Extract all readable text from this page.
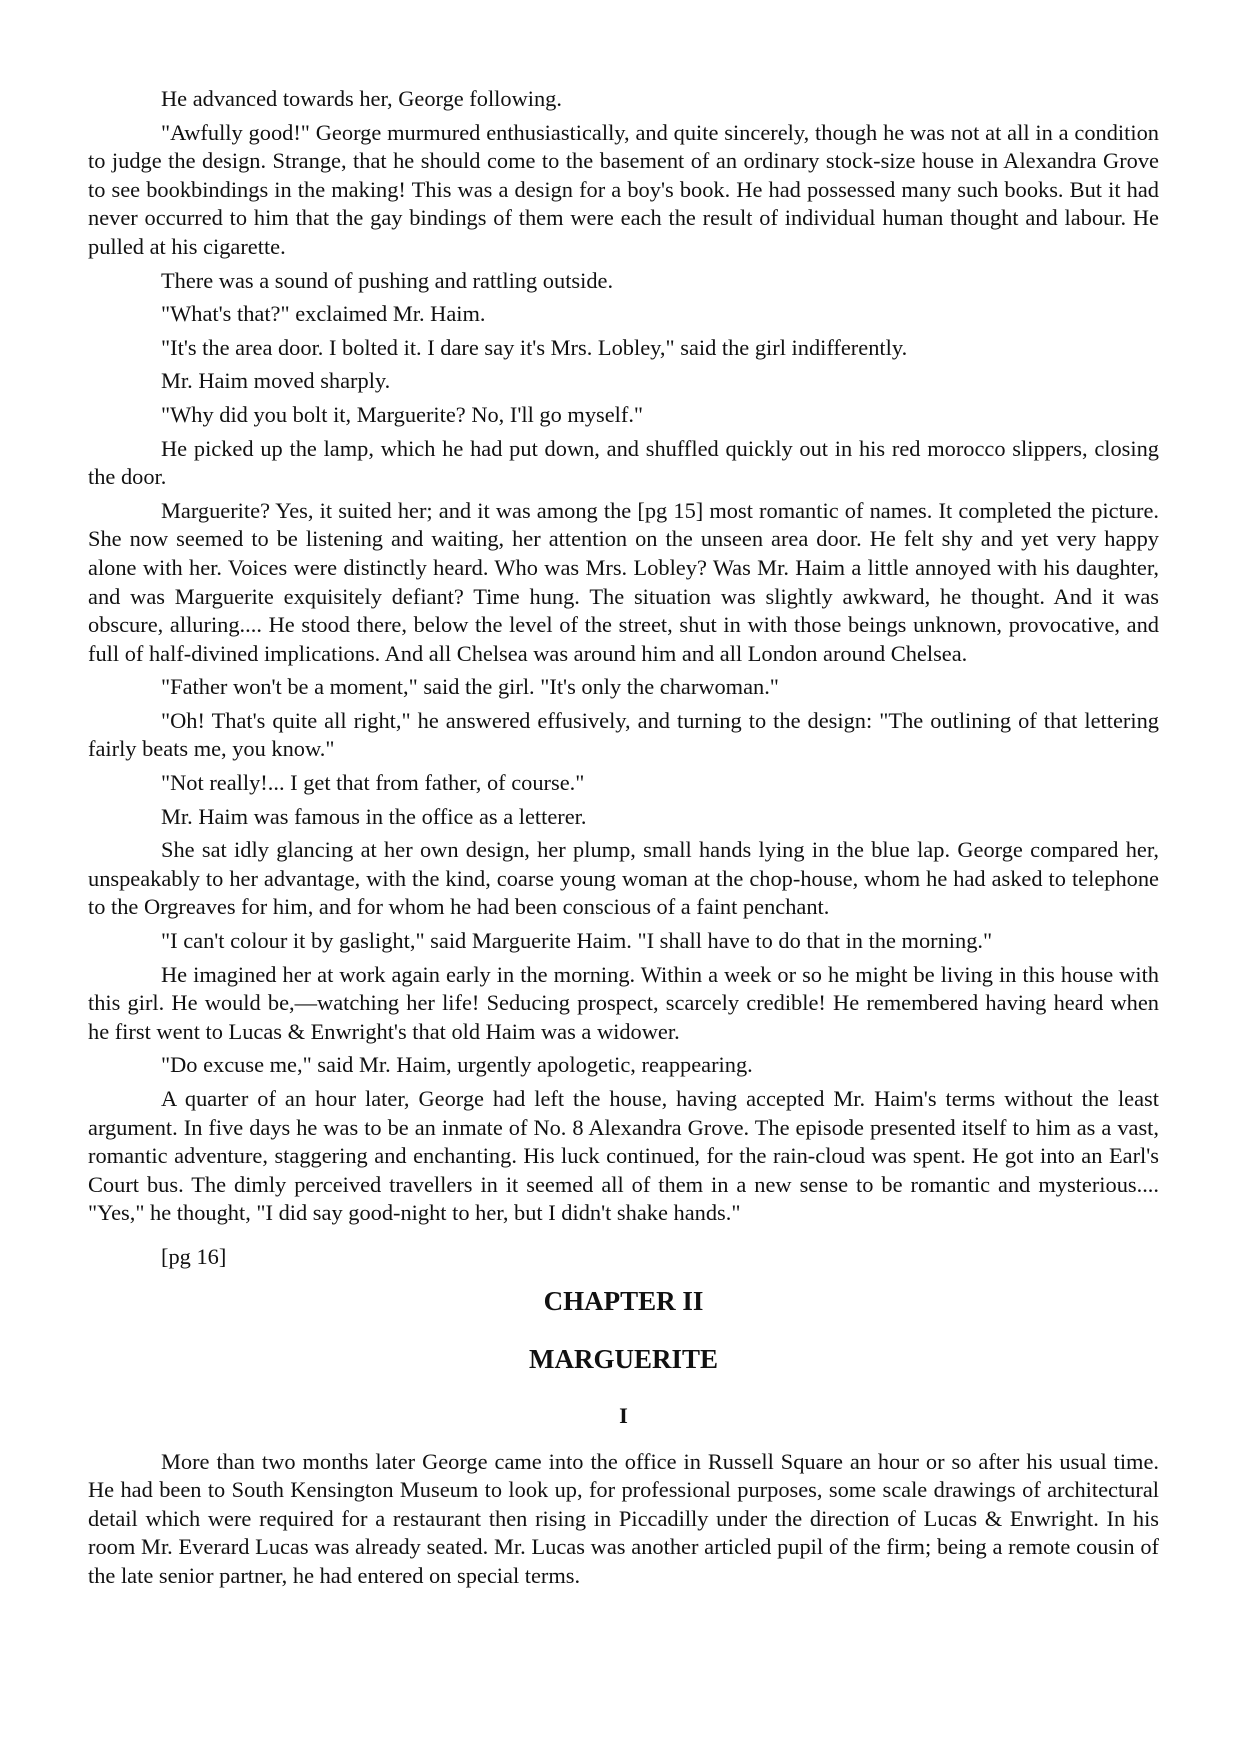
He advanced towards her, George following.

"Awfully good!" George murmured enthusiastically, and quite sincerely, though he was not at all in a condition to judge the design. Strange, that he should come to the basement of an ordinary stock-size house in Alexandra Grove to see bookbindings in the making! This was a design for a boy's book. He had possessed many such books. But it had never occurred to him that the gay bindings of them were each the result of individual human thought and labour. He pulled at his cigarette.

There was a sound of pushing and rattling outside.

"What's that?" exclaimed Mr. Haim.

"It's the area door. I bolted it. I dare say it's Mrs. Lobley," said the girl indifferently.

Mr. Haim moved sharply.

"Why did you bolt it, Marguerite? No, I'll go myself."

He picked up the lamp, which he had put down, and shuffled quickly out in his red morocco slippers, closing the door.

Marguerite? Yes, it suited her; and it was among the [pg 15] most romantic of names. It completed the picture. She now seemed to be listening and waiting, her attention on the unseen area door. He felt shy and yet very happy alone with her. Voices were distinctly heard. Who was Mrs. Lobley? Was Mr. Haim a little annoyed with his daughter, and was Marguerite exquisitely defiant? Time hung. The situation was slightly awkward, he thought. And it was obscure, alluring.... He stood there, below the level of the street, shut in with those beings unknown, provocative, and full of half-divined implications. And all Chelsea was around him and all London around Chelsea.

"Father won't be a moment," said the girl. "It's only the charwoman."

"Oh! That's quite all right," he answered effusively, and turning to the design: "The outlining of that lettering fairly beats me, you know."

"Not really!... I get that from father, of course."

Mr. Haim was famous in the office as a letterer.

She sat idly glancing at her own design, her plump, small hands lying in the blue lap. George compared her, unspeakably to her advantage, with the kind, coarse young woman at the chop-house, whom he had asked to telephone to the Orgreaves for him, and for whom he had been conscious of a faint penchant.

"I can't colour it by gaslight," said Marguerite Haim. "I shall have to do that in the morning."

He imagined her at work again early in the morning. Within a week or so he might be living in this house with this girl. He would be,—watching her life! Seducing prospect, scarcely credible! He remembered having heard when he first went to Lucas & Enwright's that old Haim was a widower.

"Do excuse me," said Mr. Haim, urgently apologetic, reappearing.

A quarter of an hour later, George had left the house, having accepted Mr. Haim's terms without the least argument. In five days he was to be an inmate of No. 8 Alexandra Grove. The episode presented itself to him as a vast, romantic adventure, staggering and enchanting. His luck continued, for the rain-cloud was spent. He got into an Earl's Court bus. The dimly perceived travellers in it seemed all of them in a new sense to be romantic and mysterious.... "Yes," he thought, "I did say good-night to her, but I didn't shake hands."

[pg 16]

CHAPTER II
MARGUERITE
I

More than two months later George came into the office in Russell Square an hour or so after his usual time. He had been to South Kensington Museum to look up, for professional purposes, some scale drawings of architectural detail which were required for a restaurant then rising in Piccadilly under the direction of Lucas & Enwright. In his room Mr. Everard Lucas was already seated. Mr. Lucas was another articled pupil of the firm; being a remote cousin of the late senior partner, he had entered on special terms.
